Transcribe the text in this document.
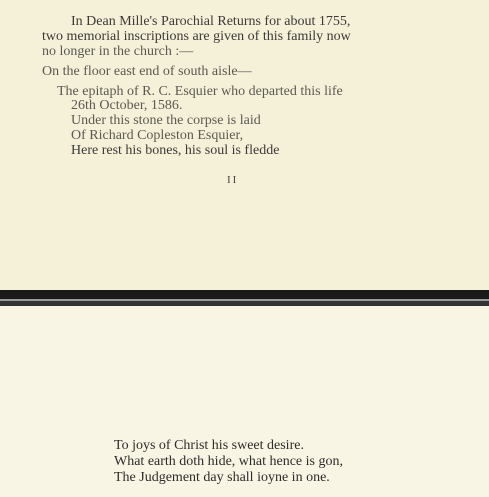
In Dean Mille's Parochial Returns for about 1755,
two memorial inscriptions are given of this family now
no longer in the church :—
On the floor east end of south aisle—
The epitaph of R. C. Esquier who departed this life
26th October, 1586.
Under this stone the corpse is laid
Of Richard Copleston Esquier,
Here rest his bones, his soul is fledde
II
To joys of Christ his sweet desire.
What earth doth hide, what hence is gon,
The Judgement day shall ioyne in one.
